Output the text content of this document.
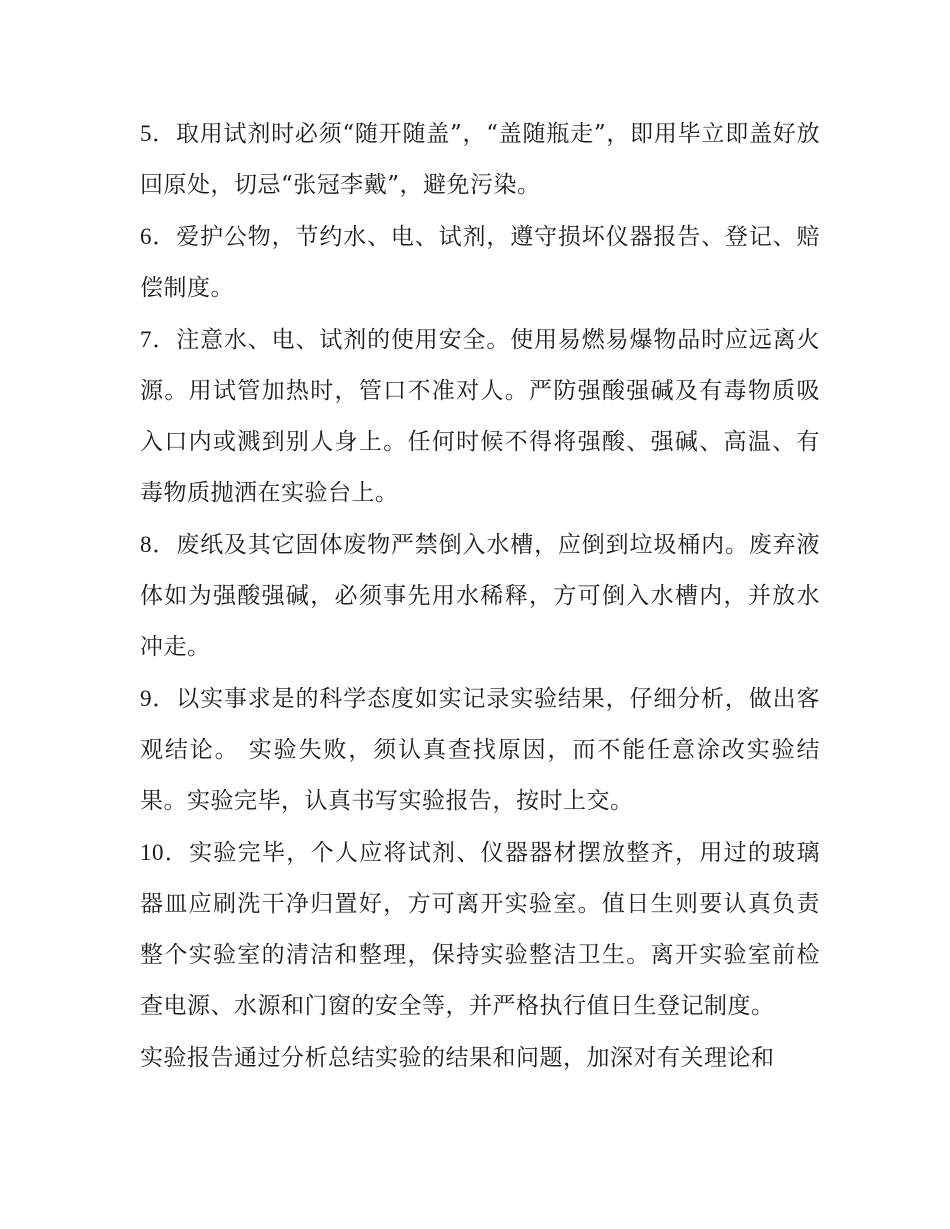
5．取用试剂时必须“随开随盖”，“盖随瓶走”，即用毕立即盖好放回原处，切忌“张冠李戴”，避免污染。

6．爱护公物，节约水、电、试剂，遵守损坏仪器报告、登记、赔偿制度。

7．注意水、电、试剂的使用安全。使用易燃易爆物品时应远离火源。用试管加热时，管口不准对人。严防强酸强碱及有毒物质吸入口内或溅到别人身上。任何时候不得将强酸、强碱、高温、有毒物质抛洒在实验台上。

8．废纸及其它固体废物严禁倒入水槽，应倒到垃圾桶内。废弃液体如为强酸强碱，必须事先用水稀释，方可倒入水槽内，并放水冲走。

9．以实事求是的科学态度如实记录实验结果，仔细分析，做出客观结论。 实验失败，须认真查找原因，而不能任意涂改实验结果。实验完毕，认真书写实验报告，按时上交。

10．实验完毕，个人应将试剂、仪器器材摆放整齐，用过的玻璃器皿应刷洗干净归置好，方可离开实验室。值日生则要认真负责整个实验室的清洁和整理，保持实验整洁卫生。离开实验室前检查电源、水源和门窗的安全等，并严格执行值日生登记制度。

实验报告通过分析总结实验的结果和问题，加深对有关理论和
